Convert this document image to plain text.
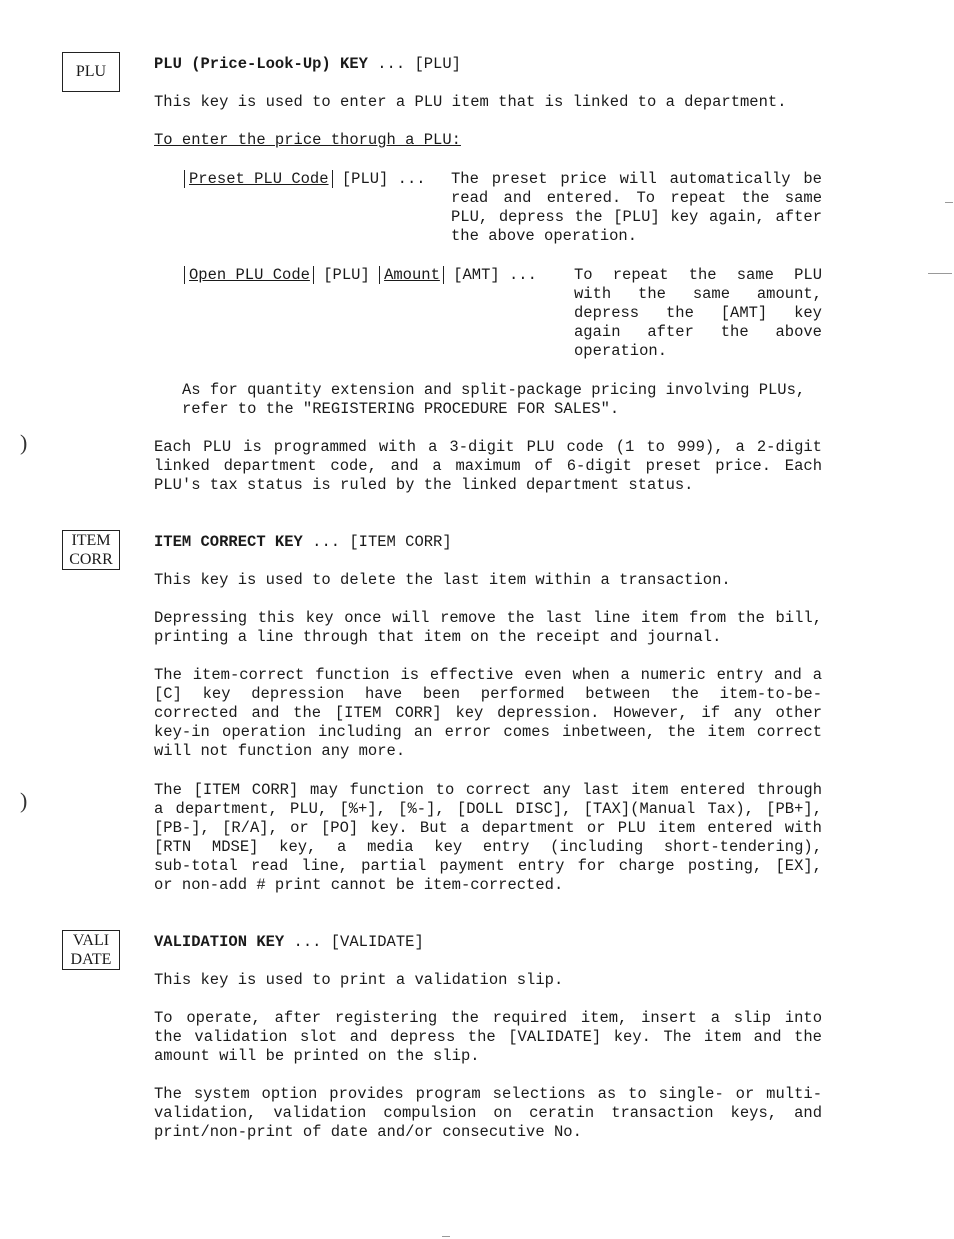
PLU	PLU (Price-Look-Up) KEY ... [PLU]
This key is used to enter a PLU item that is linked to a department.
To enter the price thorugh a PLU:
Preset PLU Code [PLU] ... The preset price will automatically be
read and entered. To repeat the same
PLU, depress the [PLU] key again, after
the above operation.
Open PLU Code [PLU] Amount [AMT] ... To repeat the same PLU
with the same amount,
depress the [AMT] key
again after the above
operation.
As for quantity extension and split-package pricing involving PLUs,
refer to the "REGISTERING PROCEDURE FOR SALES".
Each PLU is programmed with a 3-digit PLU code (1 to 999), a 2-digit
linked department code, and a maximum of 6-digit preset price. Each
PLU's tax status is ruled by the linked department status.
ITEM
CORR
ITEM CORRECT KEY ... [ITEM CORR]
This key is used to delete the last item within a transaction.
Depressing this key once will remove the last line item from the bill,
printing a line through that item on the receipt and journal.
The item-correct function is effective even when a numeric entry and a
[C] key depression have been performed between the item-to-be-
corrected and the [ITEM CORR] key depression. However, if any other
key-in operation including an error comes inbetween, the item correct
will not function any more.
The [ITEM CORR] may function to correct any last item entered through
a department, PLU, [%+], [%-], [DOLL DISC], [TAX](Manual Tax), [PB+],
[PB-], [R/A], or [PO] key. But a department or PLU item entered with
[RTN MDSE] key, a media key entry (including short-tendering),
sub-total read line, partial payment entry for charge posting, [EX],
or non-add # print cannot be item-corrected.
VALI
DATE
VALIDATION KEY ... [VALIDATE]
This key is used to print a validation slip.
To operate, after registering the required item, insert a slip into
the validation slot and depress the [VALIDATE] key. The item and the
amount will be printed on the slip.
The system option provides program selections as to single- or multi-
validation, validation compulsion on ceratin transaction keys, and
print/non-print of date and/or consecutive No.
)
)
